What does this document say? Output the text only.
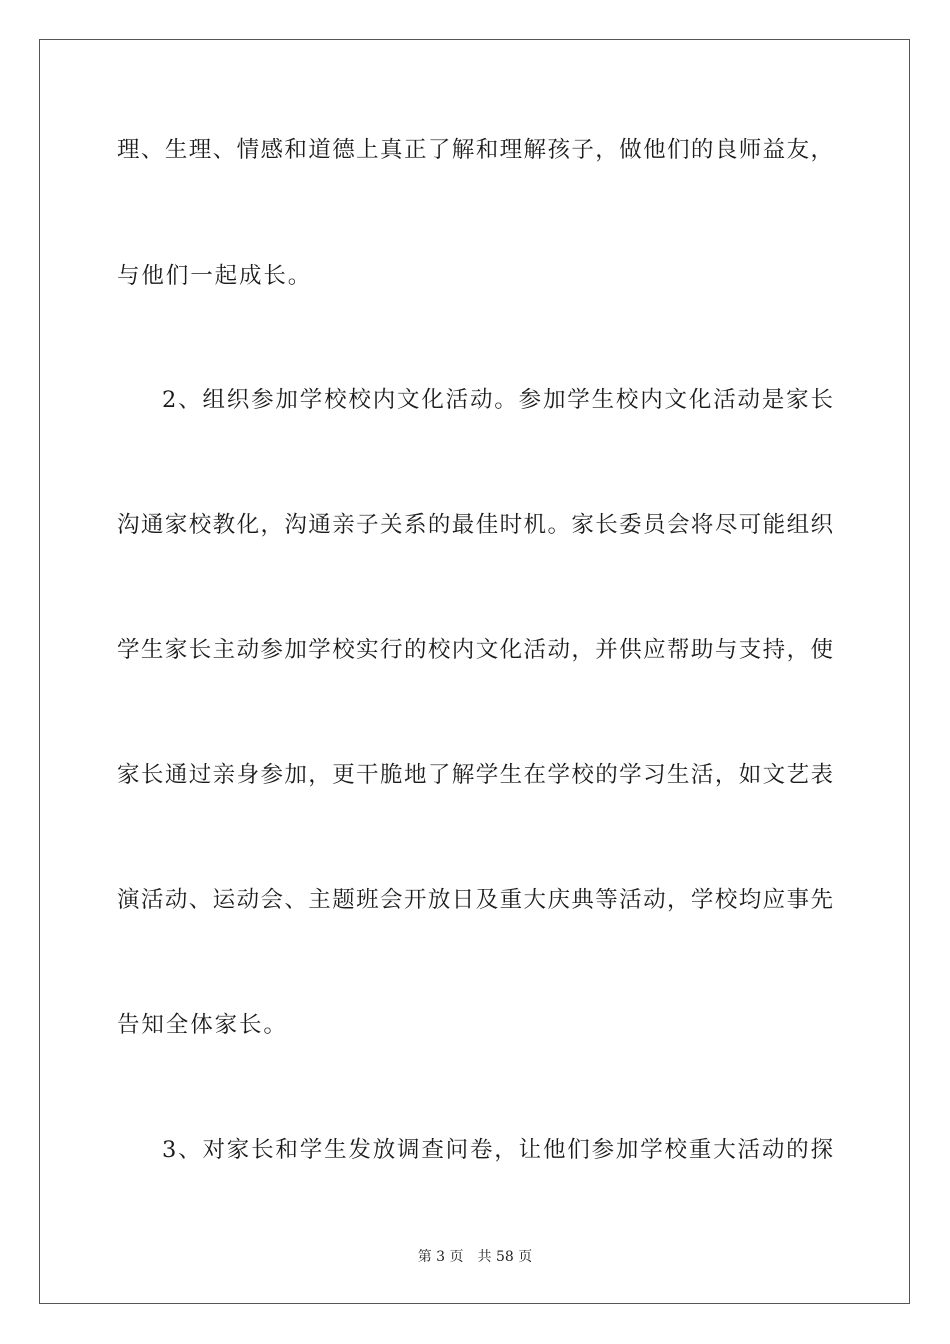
理、生理、情感和道德上真正了解和理解孩子，做他们的良师益友，
与他们一起成长。
2、组织参加学校校内文化活动。参加学生校内文化活动是家长
沟通家校教化，沟通亲子关系的最佳时机。家长委员会将尽可能组织
学生家长主动参加学校实行的校内文化活动，并供应帮助与支持，使
家长通过亲身参加，更干脆地了解学生在学校的学习生活，如文艺表
演活动、运动会、主题班会开放日及重大庆典等活动，学校均应事先
告知全体家长。
3、对家长和学生发放调查问卷，让他们参加学校重大活动的探
第 3 页 共 58 页
